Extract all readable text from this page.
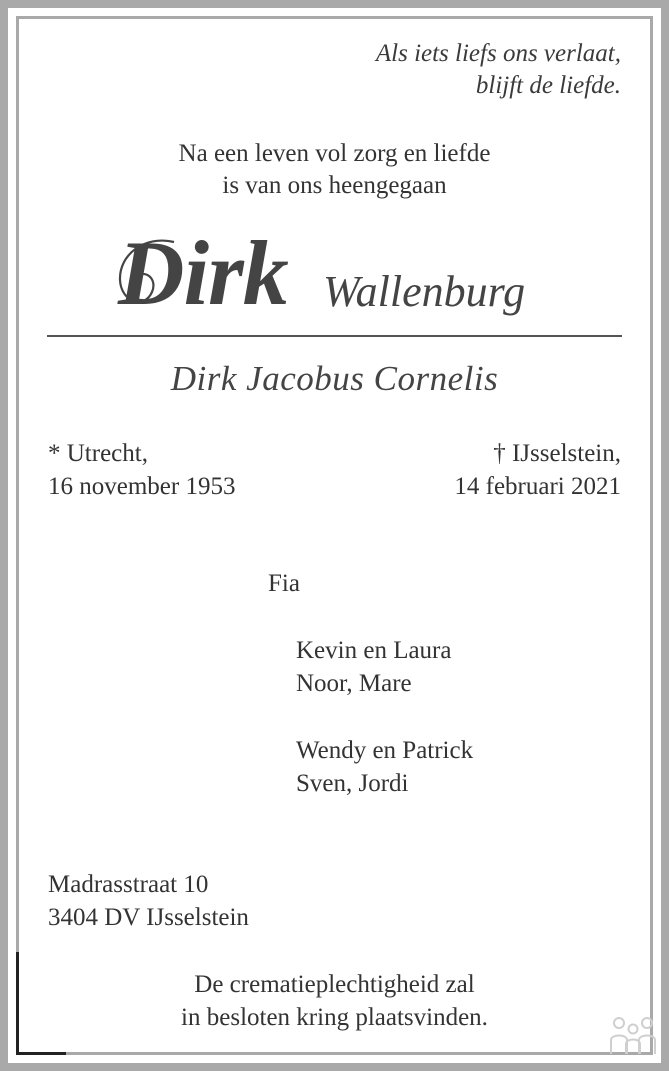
Als iets liefs ons verlaat,
blijft de liefde.
Na een leven vol zorg en liefde
is van ons heengegaan
Dirk Wallenburg
Dirk Jacobus Cornelis
* Utrecht,
16 november 1953
† IJsselstein,
14 februari 2021
Fia
Kevin en Laura
Noor, Mare
Wendy en Patrick
Sven, Jordi
Madrasstraat 10
3404 DV IJsselstein
De crematieplechtigheid zal
in besloten kring plaatsvinden.
